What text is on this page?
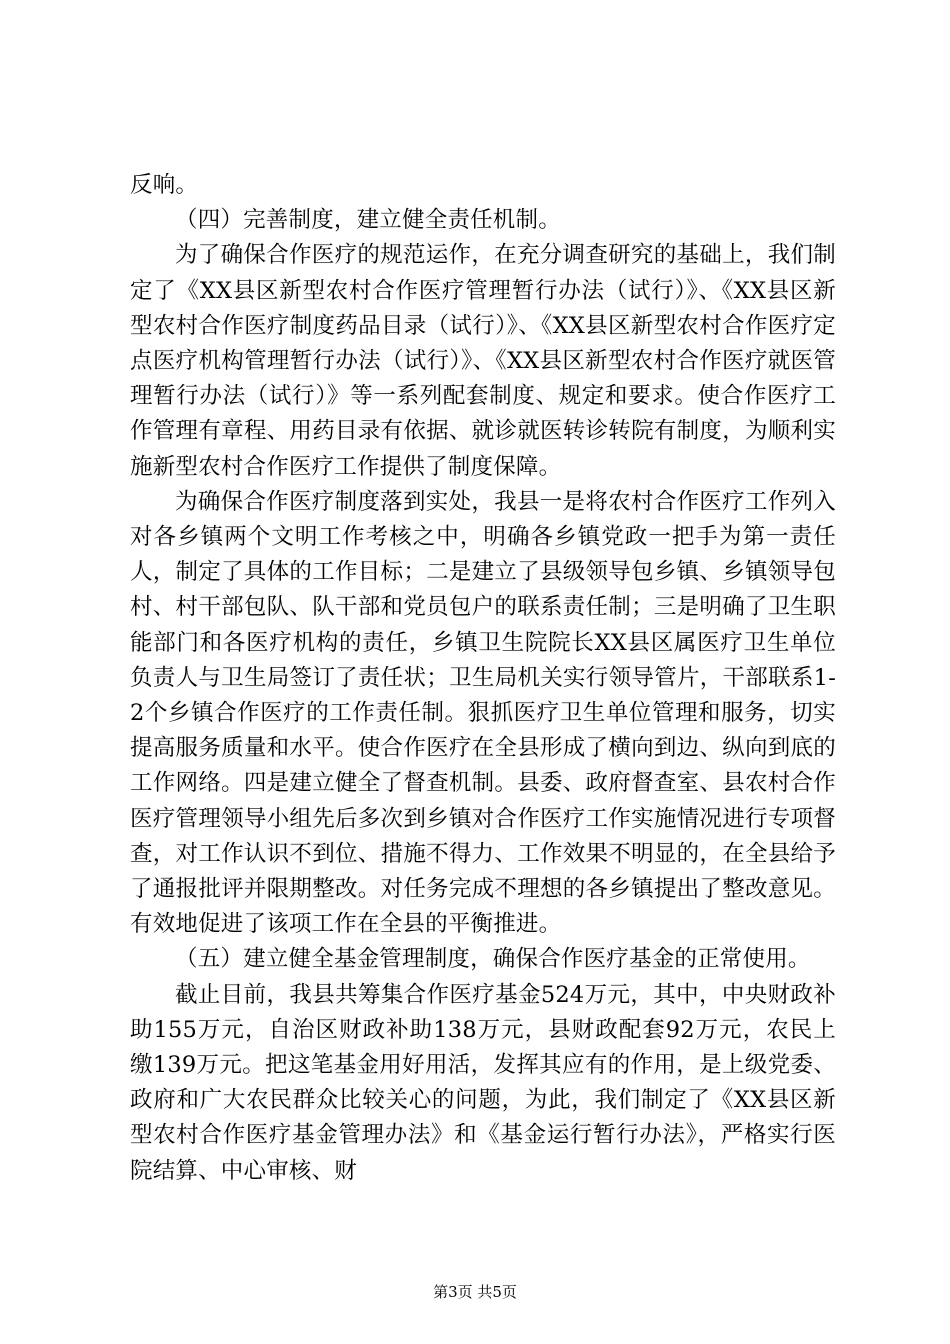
反响。

（四）完善制度，建立健全责任机制。

为了确保合作医疗的规范运作，在充分调查研究的基础上，我们制定了《XX县区新型农村合作医疗管理暂行办法（试行）》、《XX县区新型农村合作医疗制度药品目录（试行）》、《XX县区新型农村合作医疗定点医疗机构管理暂行办法（试行）》、《XX县区新型农村合作医疗就医管理暂行办法（试行）》等一系列配套制度、规定和要求。使合作医疗工作管理有章程、用药目录有依据、就诊就医转诊转院有制度，为顺利实施新型农村合作医疗工作提供了制度保障。

为确保合作医疗制度落到实处，我县一是将农村合作医疗工作列入对各乡镇两个文明工作考核之中，明确各乡镇党政一把手为第一责任人，制定了具体的工作目标；二是建立了县级领导包乡镇、乡镇领导包村、村干部包队、队干部和党员包户的联系责任制；三是明确了卫生职能部门和各医疗机构的责任，乡镇卫生院院长XX县区属医疗卫生单位负责人与卫生局签订了责任状；卫生局机关实行领导管片，干部联系1-2个乡镇合作医疗的工作责任制。狠抓医疗卫生单位管理和服务，切实提高服务质量和水平。使合作医疗在全县形成了横向到边、纵向到底的工作网络。四是建立健全了督查机制。县委、政府督查室、县农村合作医疗管理领导小组先后多次到乡镇对合作医疗工作实施情况进行专项督查，对工作认识不到位、措施不得力、工作效果不明显的，在全县给予了通报批评并限期整改。对任务完成不理想的各乡镇提出了整改意见。有效地促进了该项工作在全县的平衡推进。

（五）建立健全基金管理制度，确保合作医疗基金的正常使用。

截止目前，我县共筹集合作医疗基金524万元，其中，中央财政补助155万元，自治区财政补助138万元，县财政配套92万元，农民上缴139万元。把这笔基金用好用活，发挥其应有的作用，是上级党委、政府和广大农民群众比较关心的问题，为此，我们制定了《XX县区新型农村合作医疗基金管理办法》和《基金运行暂行办法》，严格实行医院结算、中心审核、财

第3页 共5页
